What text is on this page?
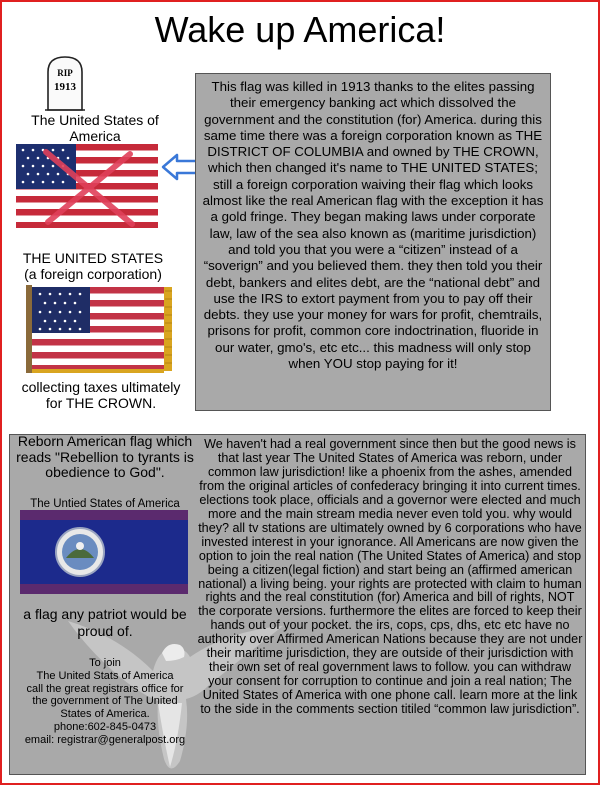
Wake up America!
RIP
1913
The United States of America
THE UNITED STATES
(a foreign corporation)
collecting taxes ultimately for THE CROWN.
This flag was killed in 1913 thanks to the elites passing their emergency banking act which dissolved the government and the constitution (for) America. during this same time there was a foreign corporation known as THE DISTRICT OF COLUMBIA and owned by THE CROWN, which then changed it's name to THE UNITED STATES; still a foreign corporation waiving their flag which looks almost like the real American flag with the exception it has a gold fringe. They began making laws under corporate law, law of the sea also known as (maritime jurisdiction) and told you that you were a “citizen” instead of a “soverign” and you believed them. they then told you their debt, bankers and elites debt, are the “national debt” and use the IRS to extort payment from you to pay off their debts. they use your money for wars for profit, chemtrails, prisons for profit, common core indoctrination, fluoride in our water, gmo's, etc etc... this madness will only stop when YOU stop paying for it!
Reborn American flag which reads "Rebellion to tyrants is obedience to God".
The Untied States of America
a flag any patriot would be proud of.
To join
The United Stats of America
call the great registrars office for
the government of The United
States of America.
phone:602-845-0473
email: registrar@generalpost.org
We haven't had a real government since then but the good news is that last year The United States of America was reborn, under common law jurisdiction! like a phoenix from the ashes, amended from the original articles of confederacy bringing it into current times. elections took place, officials and a governor were elected and much more and the main stream media never even told you. why would they? all tv stations are ultimately owned by 6 corporations who have invested interest in your ignorance. All Americans are now given the option to join the real nation (The United States of America) and stop being a citizen(legal fiction) and start being an (affirmed american national) a living being. your rights are protected with claim to human rights and the real constitution (for) America and bill of rights, NOT the corporate versions. furthermore the elites are forced to keep their hands out of your pocket. the irs, cops, cps, dhs, etc etc have no authority over Affirmed American Nations because they are not under their maritime jurisdiction, they are outside of their jurisdiction with their own set of real government laws to follow. you can withdraw your consent for corruption to continue and join a real nation; The United States of America with one phone call. learn more at the link to the side in the comments section titiled “common law jurisdiction”.
